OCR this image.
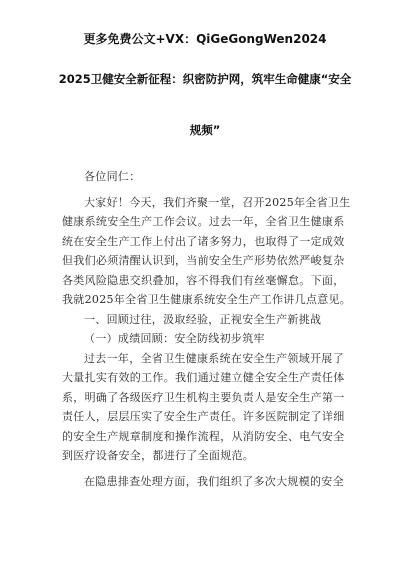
更多免费公文+VX：QiGeGongWen2024
2025卫健安全新征程：织密防护网，筑牢生命健康“安全
规频”
各位同仁：
大家好！今天，我们齐聚一堂，召开2025年全省卫生
健康系统安全生产工作会议。过去一年，全省卫生健康系
统在安全生产工作上付出了诸多努力，也取得了一定成效
但我们必须清醒认识到，当前安全生产形势依然严峻复杂
各类风险隐患交织叠加，容不得我们有丝毫懈怠。下面，
我就2025年全省卫生健康系统安全生产工作讲几点意见。
一、回顾过往，汲取经验，正视安全生产新挑战
（一）成绩回顾：安全防线初步筑牢
过去一年，全省卫生健康系统在安全生产领域开展了
大量扎实有效的工作。我们通过建立健全安全生产责任体
系，明确了各级医疗卫生机构主要负责人是安全生产第一
责任人，层层压实了安全生产责任。许多医院制定了详细
的安全生产规章制度和操作流程，从消防安全、电气安全
到医疗设备安全，都进行了全面规范。
在隐患排查处理方面，我们组织了多次大规模的安全
